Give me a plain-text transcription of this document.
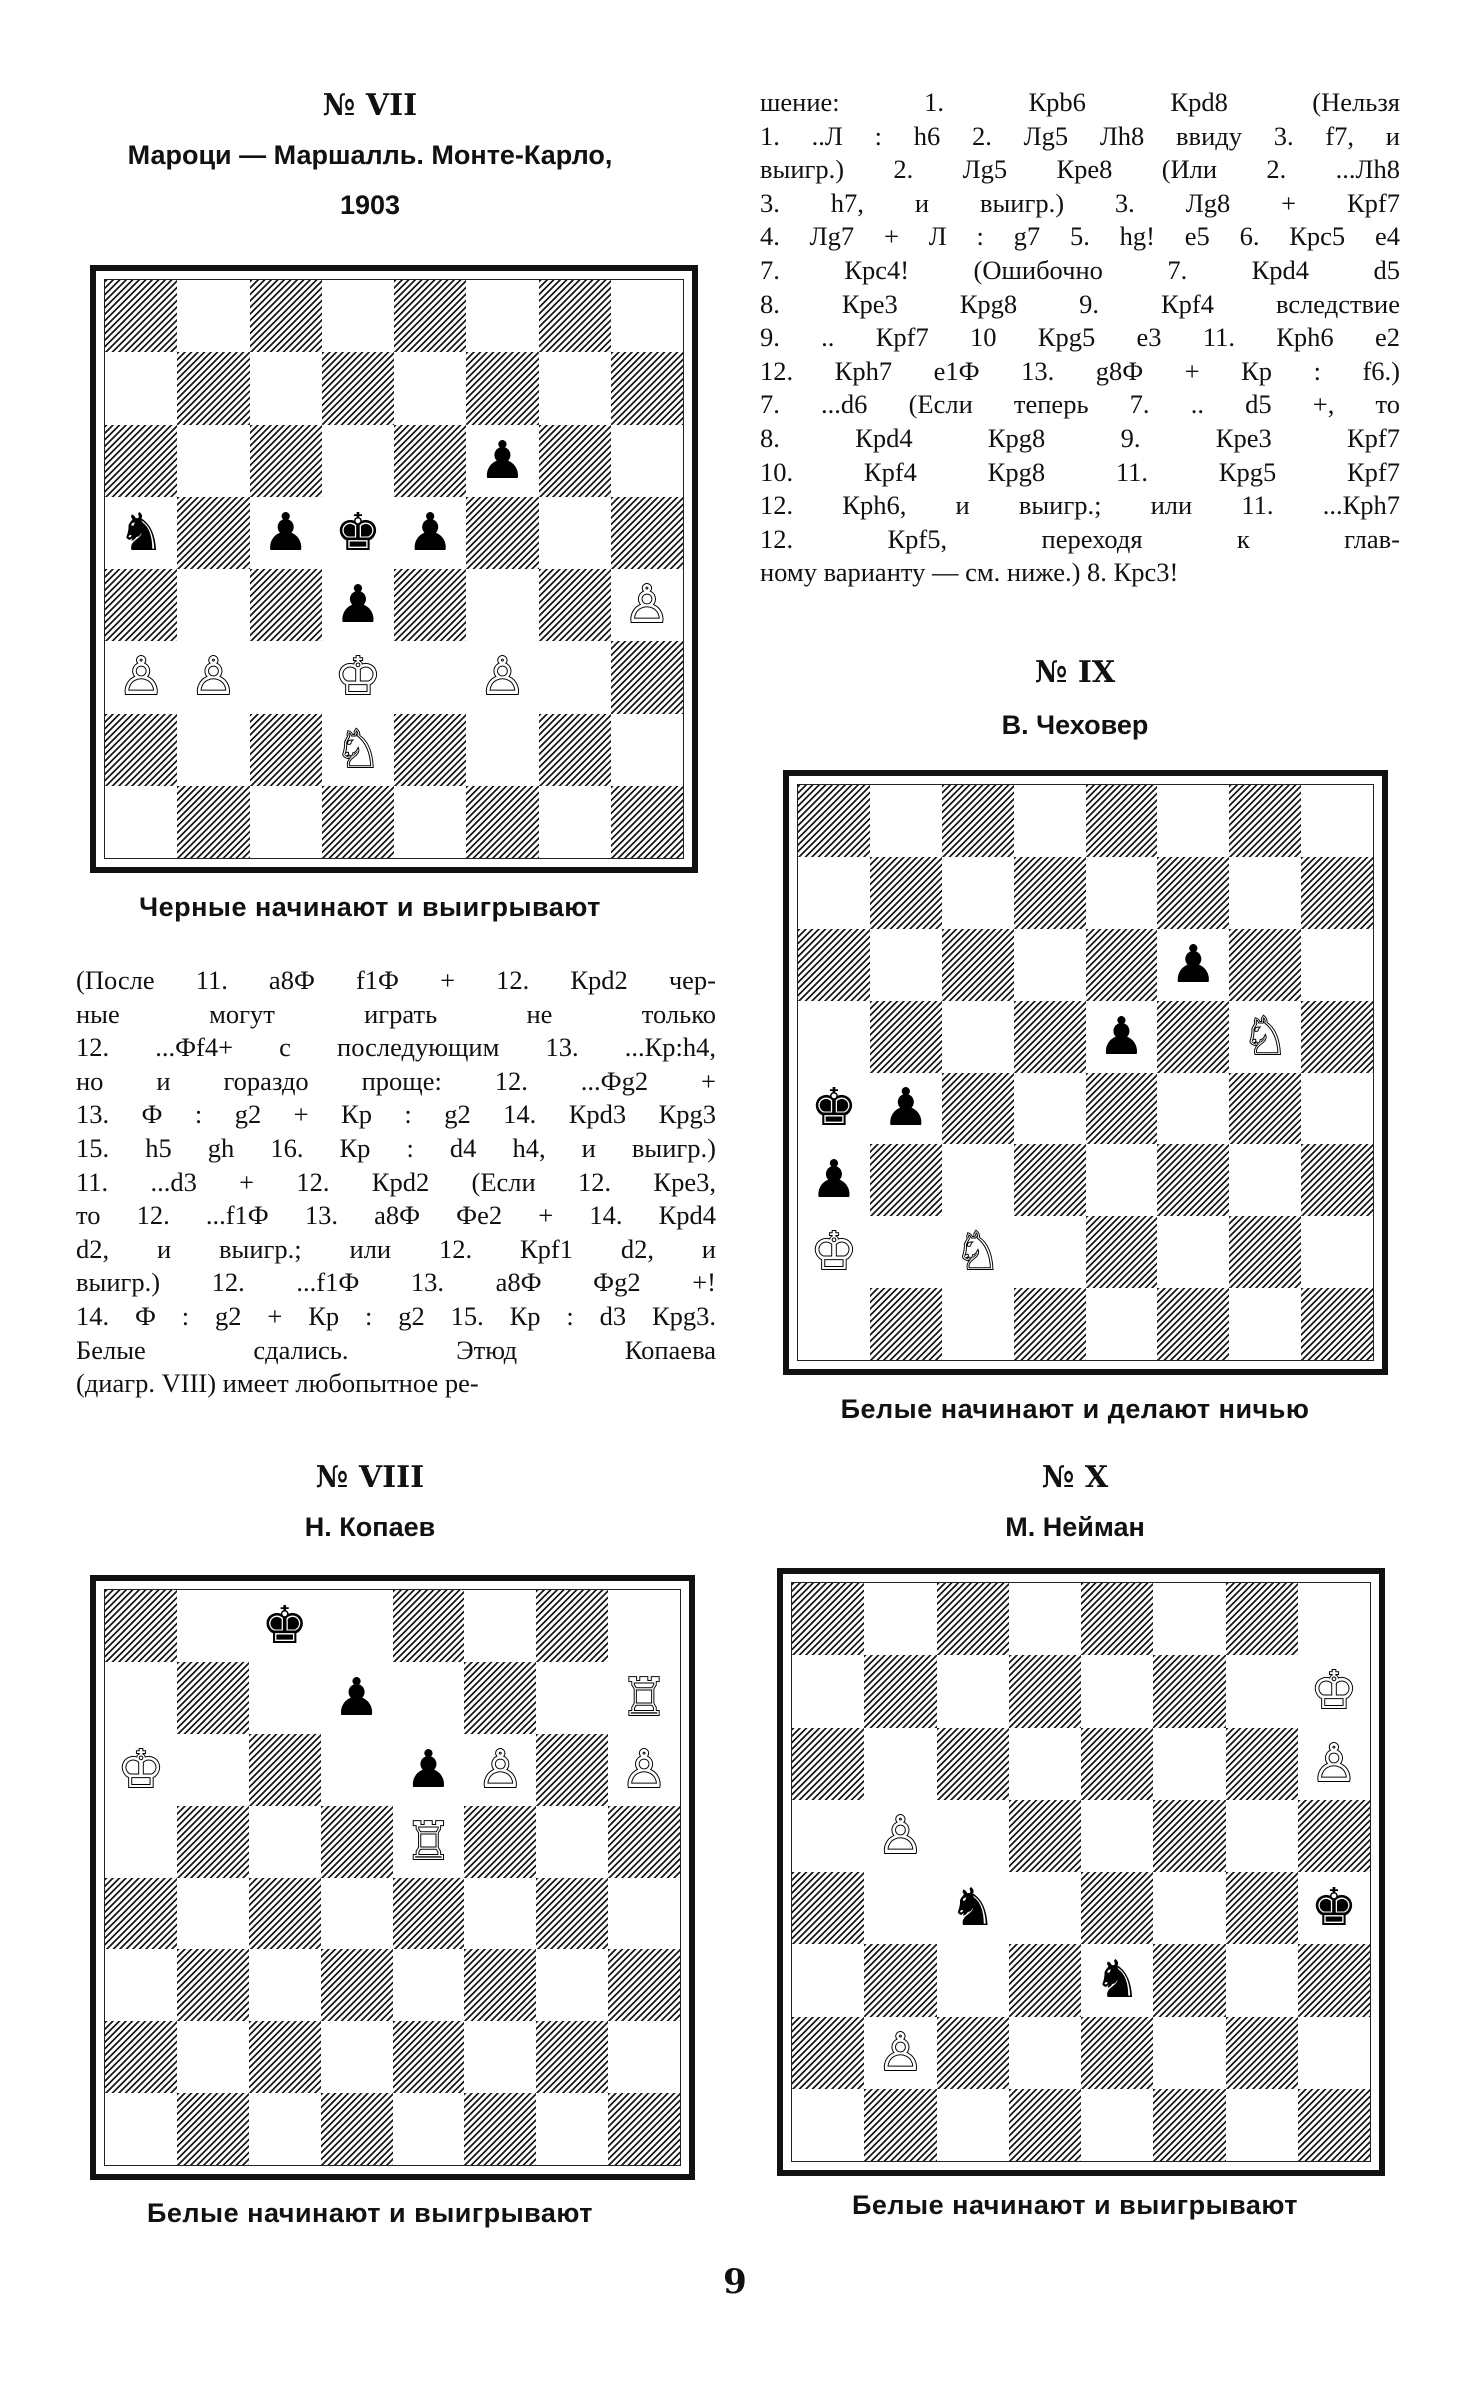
№ VII
Мароци — Маршалль. Монте-Карло,
1903
♟
♞ ♟ ♚ ♟
♟	♙
♙ ♙ ♔ ♙
♘
Черные начинают и выигрывают
(После 11. а8Ф f1Ф + 12. Крd2 чер-
ные могут играть не только
12. ...Фf4+ с последующим 13. ...Кр:h4,
но и гораздо проще: 12. ...Фg2 +
13. Ф : g2 + Кр : g2 14. Крd3 Крg3
15. h5 gh 16. Кр : d4 h4, и выигр.)
11. ...d3 + 12. Крd2 (Если 12. Кре3,
то 12. ...f1Ф 13. а8Ф Фе2 + 14. Крd4
d2, и выигр.; или 12. Крf1 d2, и
выигр.) 12. ...f1Ф 13. а8Ф Фg2 +!
14. Ф : g2 + Кр : g2 15. Кр : d3 Крg3.
Белые сдались. Этюд Копаева
(диагр. VIII) имеет любопытное ре-
№ VIII
Н. Копаев
♚
♟	♖
♔	♟ ♙ ♙
♖
Белые начинают и выигрывают
шение: 1. Крb6 Крd8 (Нельзя
1. ..Л : h6 2. Лg5 Лh8 ввиду 3. f7, и
выигр.) 2. Лg5 Кре8 (Или 2. ...Лh8
3. h7, и выигр.) 3. Лg8 + Крf7
4. Лg7 + Л : g7 5. hg! e5 6. Крс5 e4
7. Крс4! (Ошибочно 7. Крd4 d5
8. Кре3 Крg8 9. Крf4 вследствие
9. .. Крf7 10 Крg5 e3 11. Крh6 e2
12. Крh7 e1Ф 13. g8Ф + Кр : f6.)
7. ...d6 (Если теперь 7. .. d5 +, то
8. Крd4 Крg8 9. Кре3 Крf7
10. Крf4 Крg8 11. Крg5 Крf7
12. Крh6, и выигр.; или 11. ...Крh7
12. Крf5, переходя к глав-
ному варианту — см. ниже.) 8. Крс3!
№ IX
В. Чеховер
♟
♟ ♘
♚ ♟
♟
♔ ♘
Белые начинают и делают ничью
№ X
М. Нейман
♔
♙
♙
♞	♚
♞
♙
Белые начинают и выигрывают
9
